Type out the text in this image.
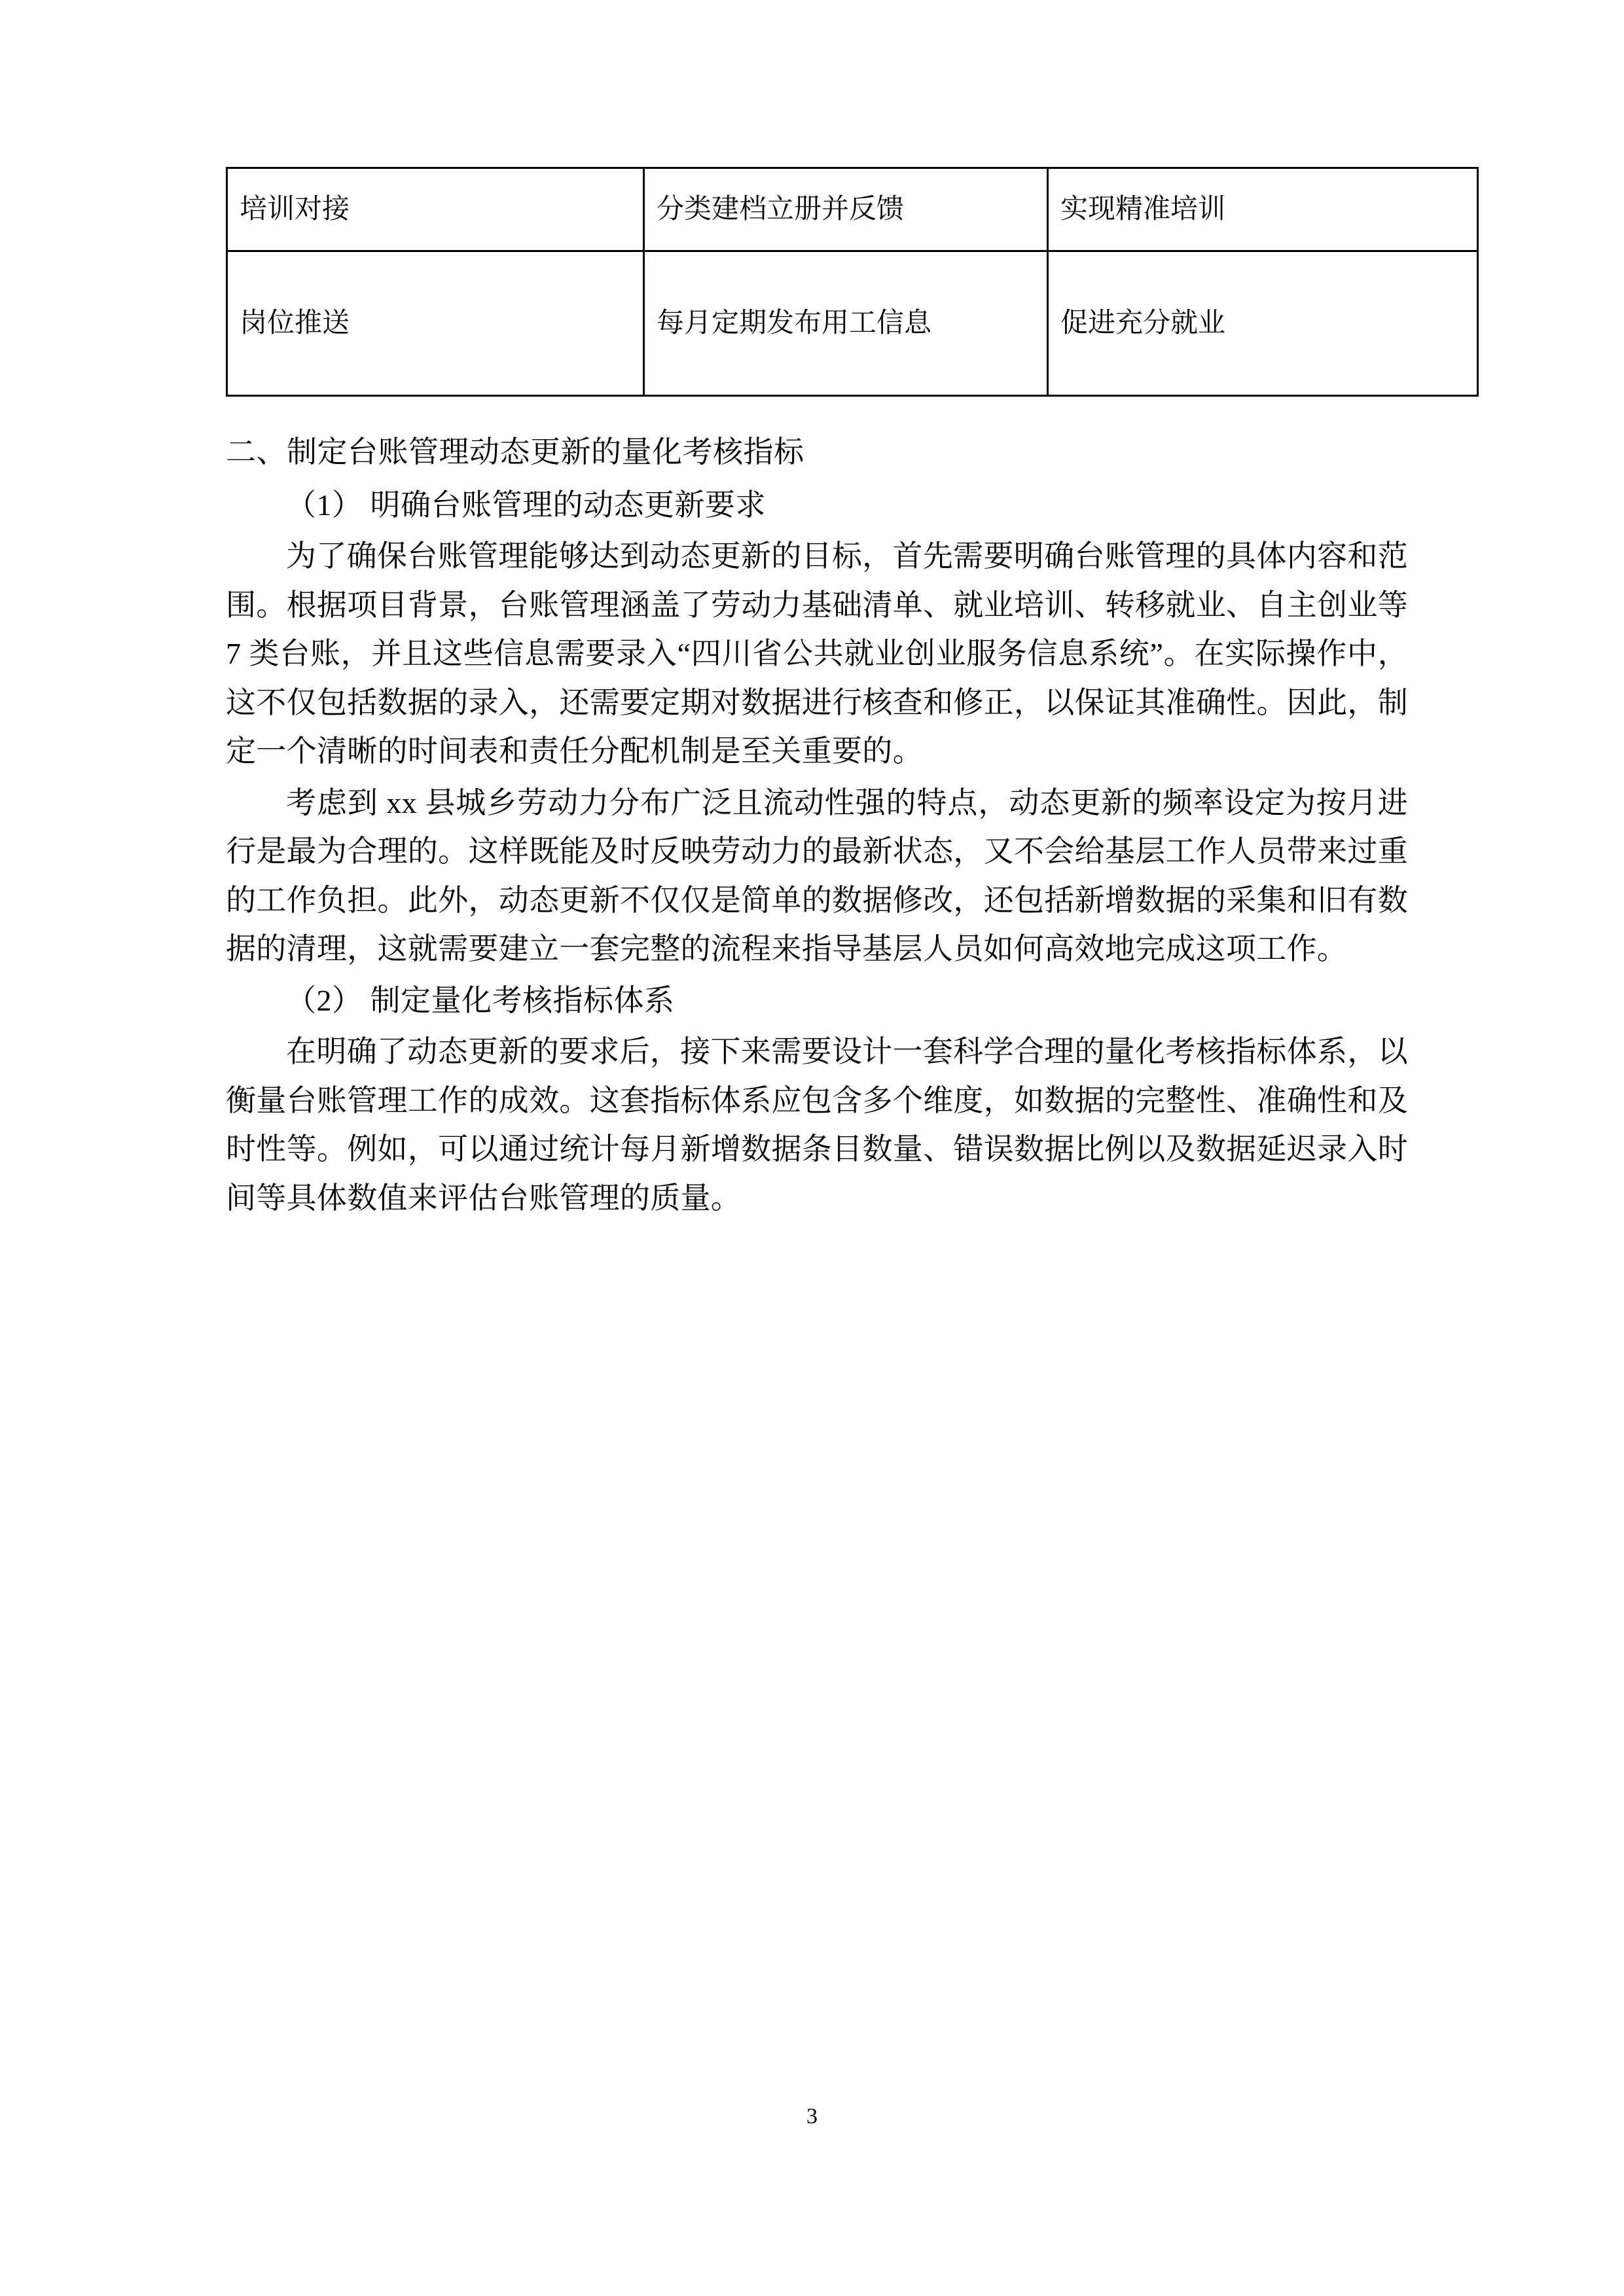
培训对接	分类建档立册并反馈	实现精准培训
岗位推送	每月定期发布用工信息	促进充分就业

二、制定台账管理动态更新的量化考核指标

（1） 明确台账管理的动态更新要求

为了确保台账管理能够达到动态更新的目标，首先需要明确台账管理的具体内容和范围。根据项目背景，台账管理涵盖了劳动力基础清单、就业培训、转移就业、自主创业等 7 类台账，并且这些信息需要录入“四川省公共就业创业服务信息系统”。在实际操作中，这不仅包括数据的录入，还需要定期对数据进行核查和修正，以保证其准确性。因此，制定一个清晰的时间表和责任分配机制是至关重要的。

考虑到 xx 县城乡劳动力分布广泛且流动性强的特点，动态更新的频率设定为按月进行是最为合理的。这样既能及时反映劳动力的最新状态，又不会给基层工作人员带来过重的工作负担。此外，动态更新不仅仅是简单的数据修改，还包括新增数据的采集和旧有数据的清理，这就需要建立一套完整的流程来指导基层人员如何高效地完成这项工作。

（2） 制定量化考核指标体系

在明确了动态更新的要求后，接下来需要设计一套科学合理的量化考核指标体系，以衡量台账管理工作的成效。这套指标体系应包含多个维度，如数据的完整性、准确性和及时性等。例如，可以通过统计每月新增数据条目数量、错误数据比例以及数据延迟录入时间等具体数值来评估台账管理的质量。

3
